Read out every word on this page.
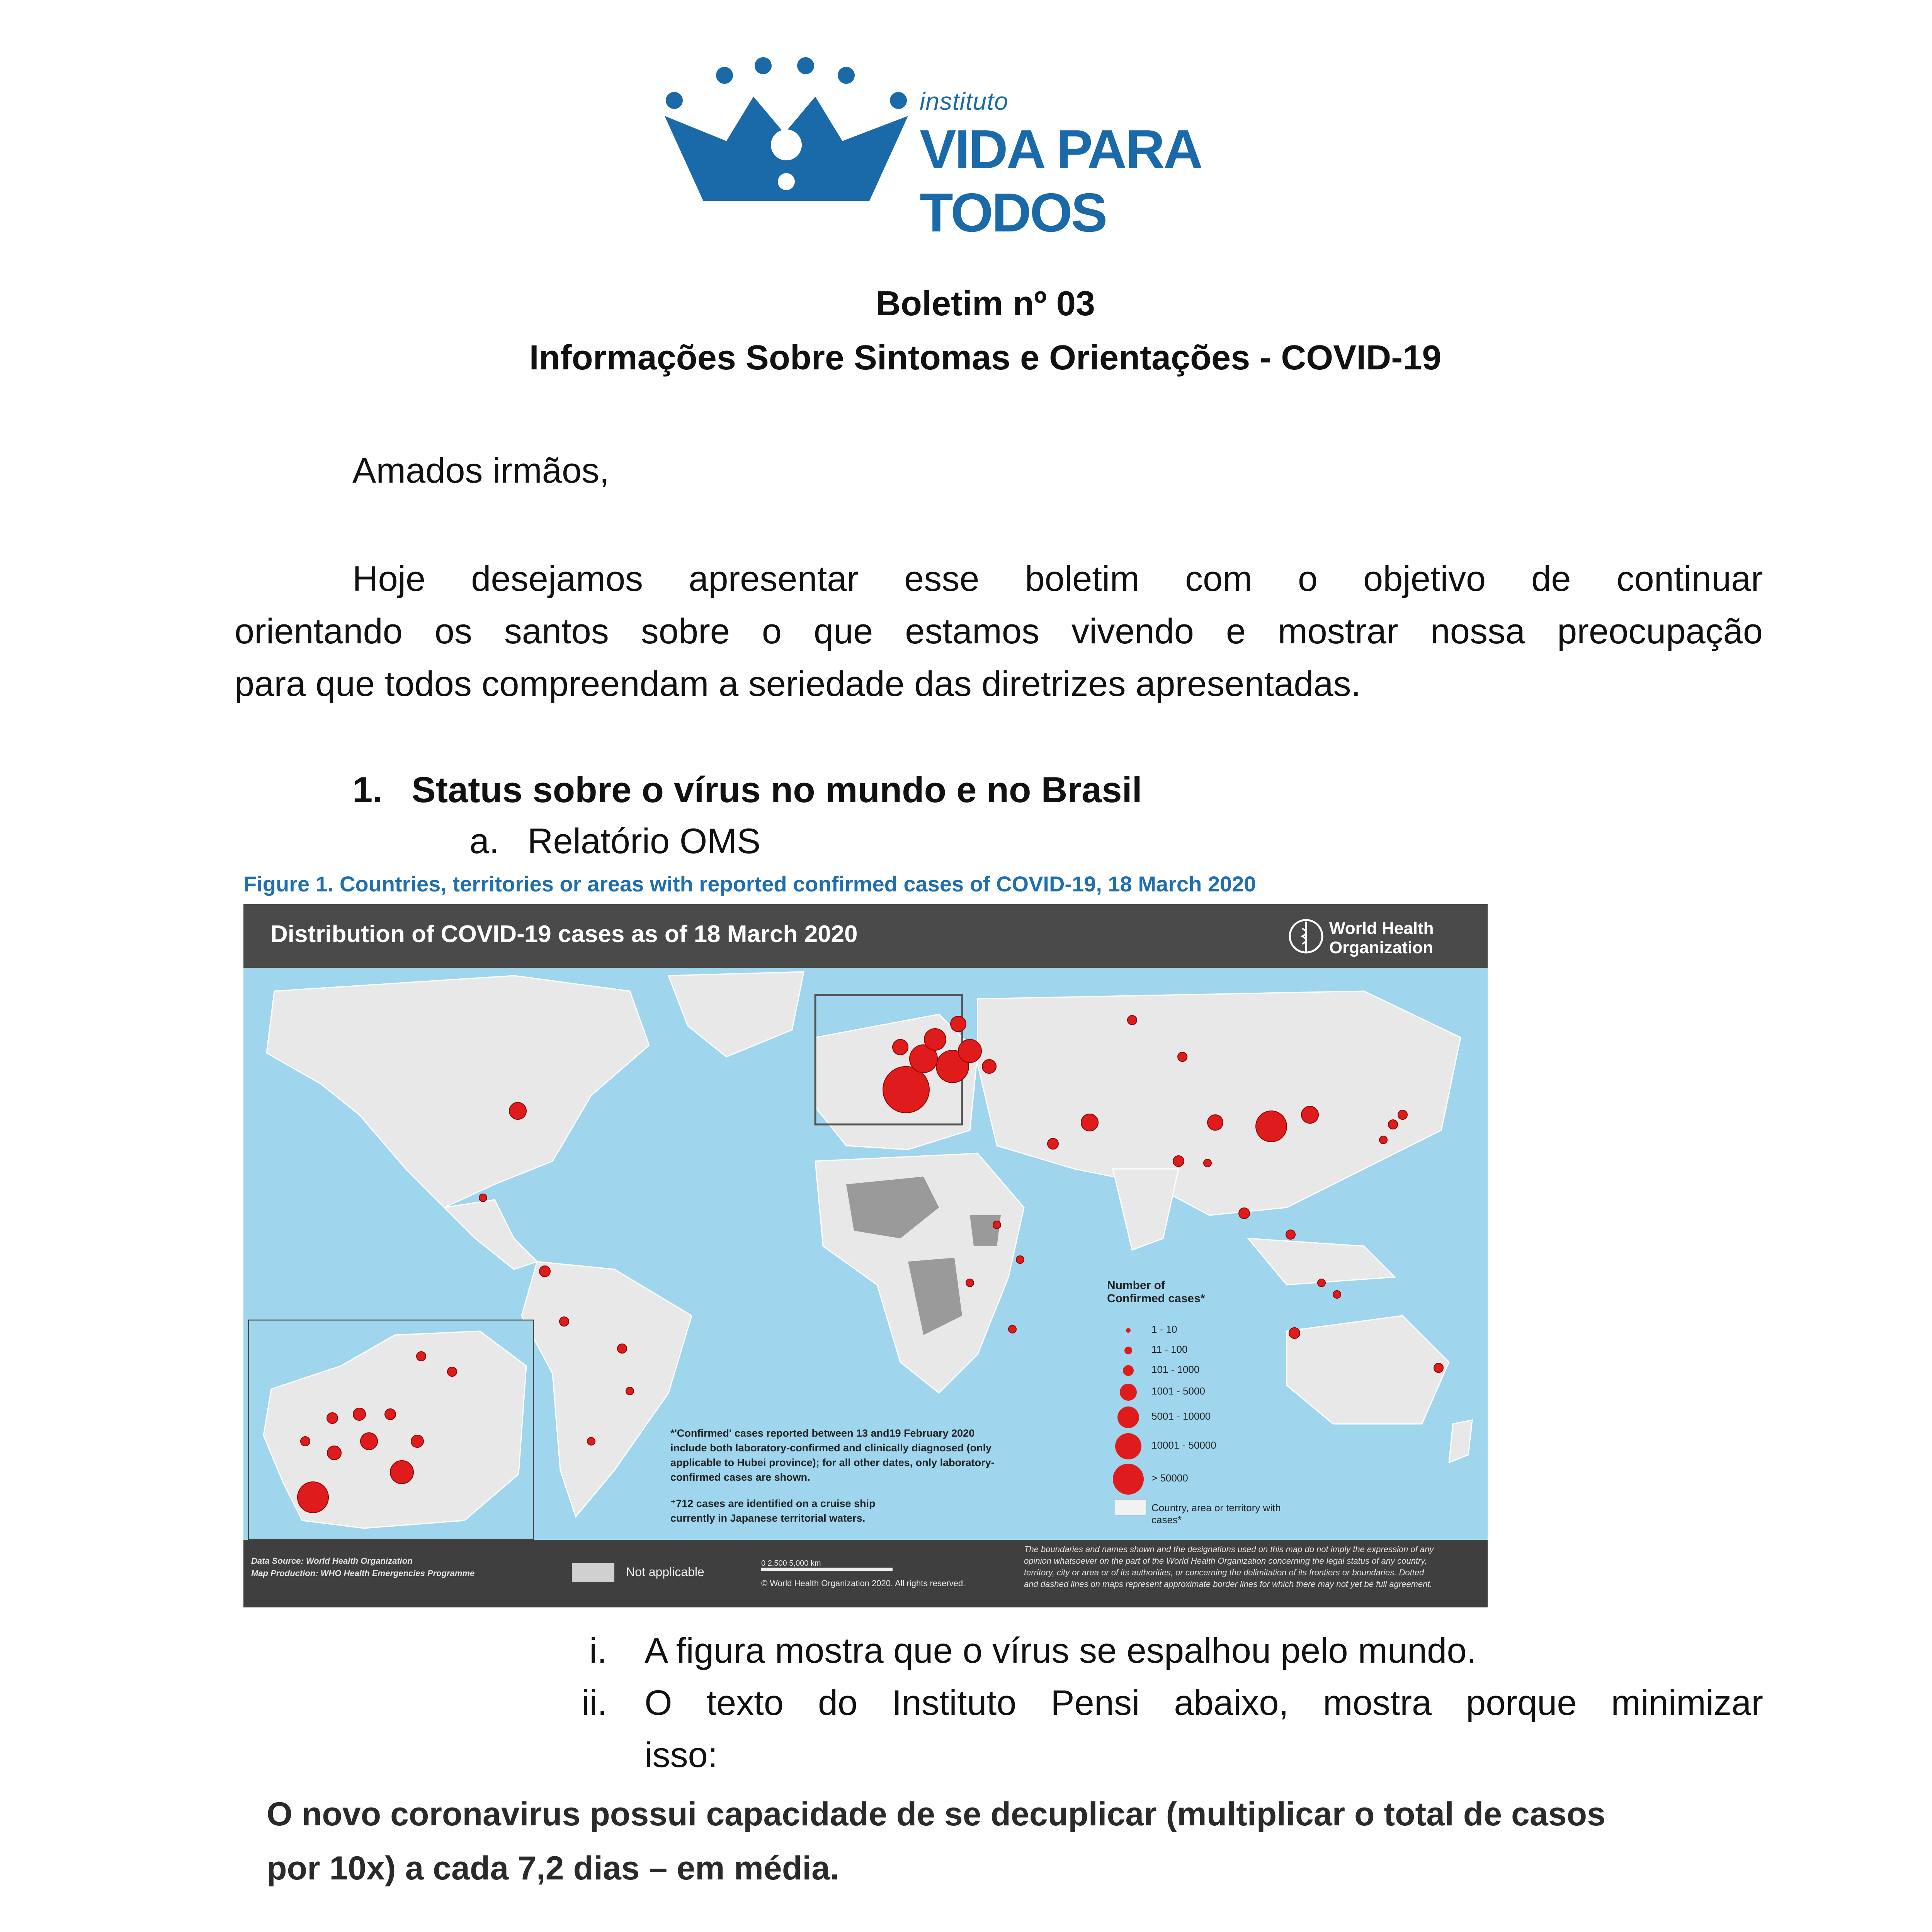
instituto
VIDA PARA TODOS
Boletim nº 03
Informações Sobre Sintomas e Orientações - COVID-19
Amados irmãos,
Hoje desejamos apresentar esse boletim com o objetivo de continuar
orientando os santos sobre o que estamos vivendo e mostrar nossa preocupação
para que todos compreendam a seriedade das diretrizes apresentadas.
1. Status sobre o vírus no mundo e no Brasil
a. Relatório OMS
Figure 1. Countries, territories or areas with reported confirmed cases of COVID-19, 18 March 2020
Distribution of COVID-19 cases as of 18 March 2020	World Health
Organization
*'Confirmed' cases reported between 13 and19 February 2020
include both laboratory-confirmed and clinically diagnosed (only
applicable to Hubei province); for all other dates, only laboratory-
confirmed cases are shown.
⁺712 cases are identified on a cruise ship
currently in Japanese territorial waters.
Number of
Confirmed cases*
1 - 10
11 - 100
101 - 1000
1001 - 5000
5001 - 10000
10001 - 50000
> 50000
Country, area or territory with cases*
Data Source: World Health Organization
Map Production: WHO Health Emergencies Programme	Not applicable
0 2,500 5,000 km
© World Health Organization 2020. All rights reserved.
The boundaries and names shown and the designations used on this map do not imply the expression of any
opinion whatsoever on the part of the World Health Organization concerning the legal status of any country,
territory, city or area or of its authorities, or concerning the delimitation of its frontiers or boundaries. Dotted
and dashed lines on maps represent approximate border lines for which there may not yet be full agreement.
i. A figura mostra que o vírus se espalhou pelo mundo.
ii. O texto do Instituto Pensi abaixo, mostra porque minimizar
isso:
O novo coronavirus possui capacidade de se decuplicar (multiplicar o total de casos
por 10x) a cada 7,2 dias – em média.
